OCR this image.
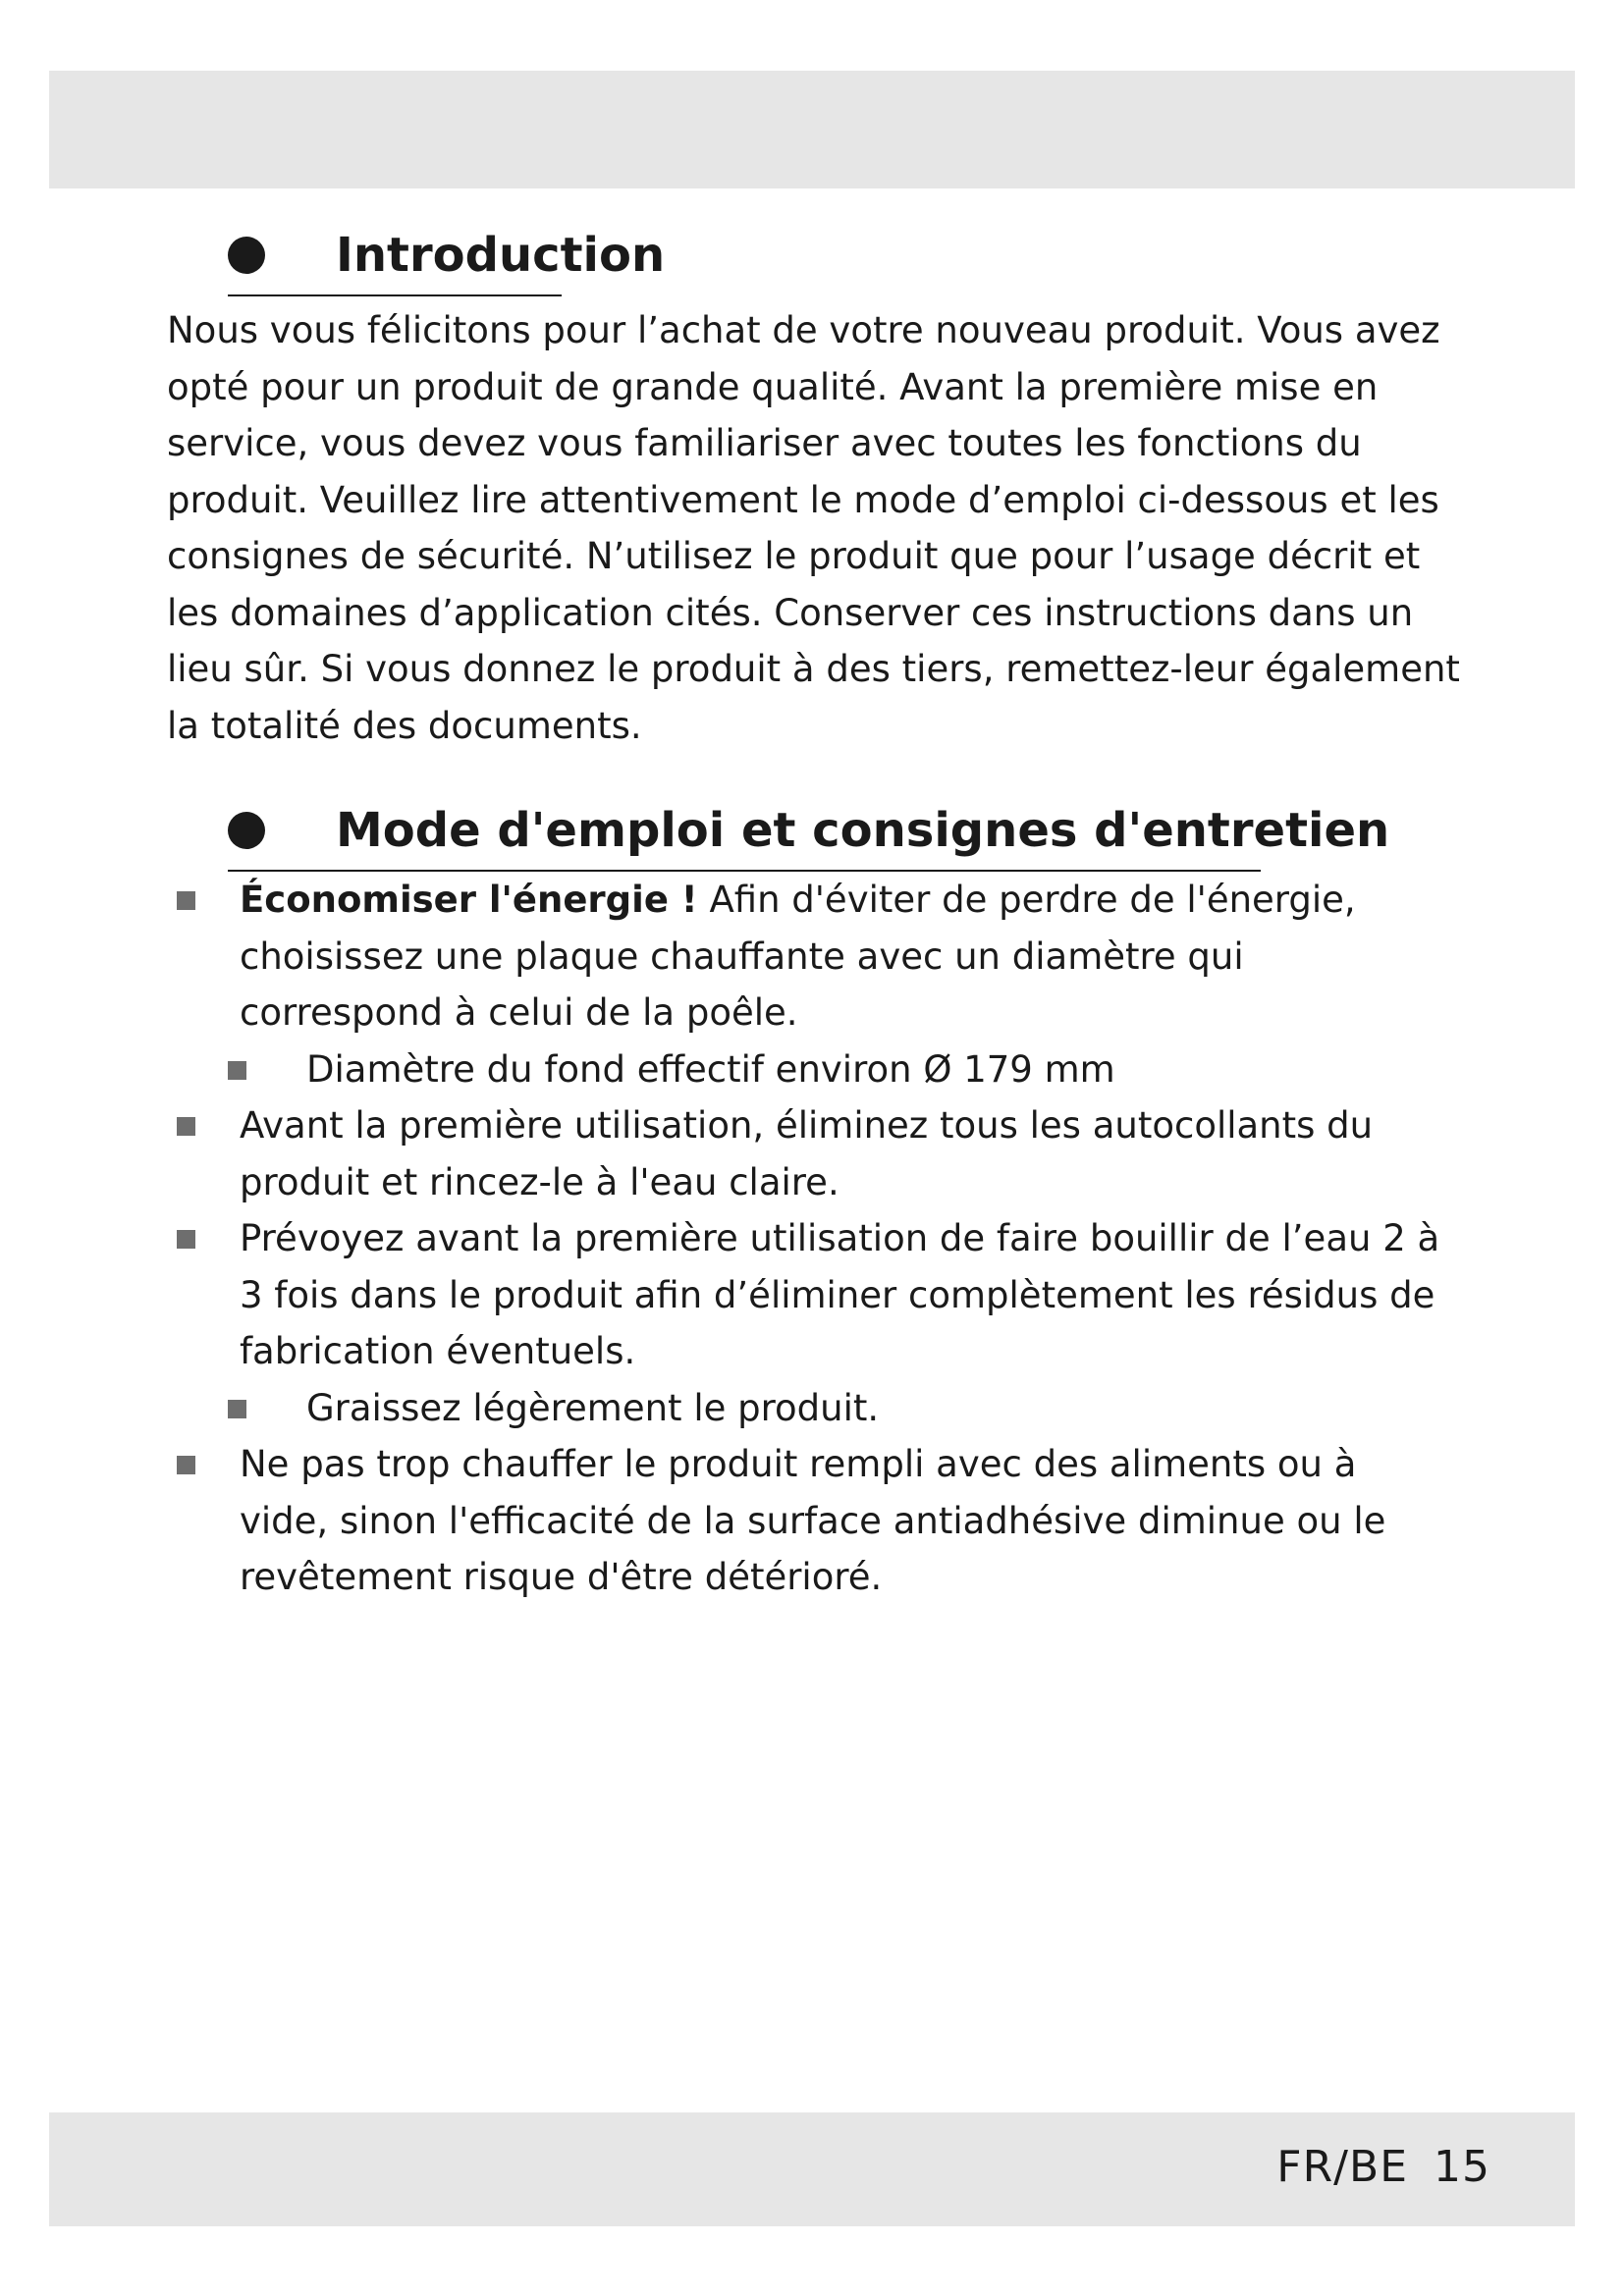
Introduction

Nous vous félicitons pour l’achat de votre nouveau produit. Vous avez opté pour un produit de grande qualité. Avant la première mise en service, vous devez vous familiariser avec toutes les fonctions du produit. Veuillez lire attentivement le mode d’emploi ci-dessous et les consignes de sécurité. N’utilisez le produit que pour l’usage décrit et les domaines d’application cités. Conserver ces instructions dans un lieu sûr. Si vous donnez le produit à des tiers, remettez-leur également la totalité des documents.

Mode d'emploi et consignes d'entretien
Économiser l'énergie ! Afin d'éviter de perdre de l'énergie, choisissez une plaque chauffante avec un diamètre qui correspond à celui de la poêle.
Diamètre du fond effectif environ Ø 179 mm
Avant la première utilisation, éliminez tous les autocollants du produit et rincez-le à l'eau claire.
Prévoyez avant la première utilisation de faire bouillir de l’eau 2 à 3 fois dans le produit afin d’éliminer complètement les résidus de fabrication éventuels.
Graissez légèrement le produit.
Ne pas trop chauffer le produit rempli avec des aliments ou à vide, sinon l'efficacité de la surface antiadhésive diminue ou le revêtement risque d'être détérioré.
FR/BE 15
